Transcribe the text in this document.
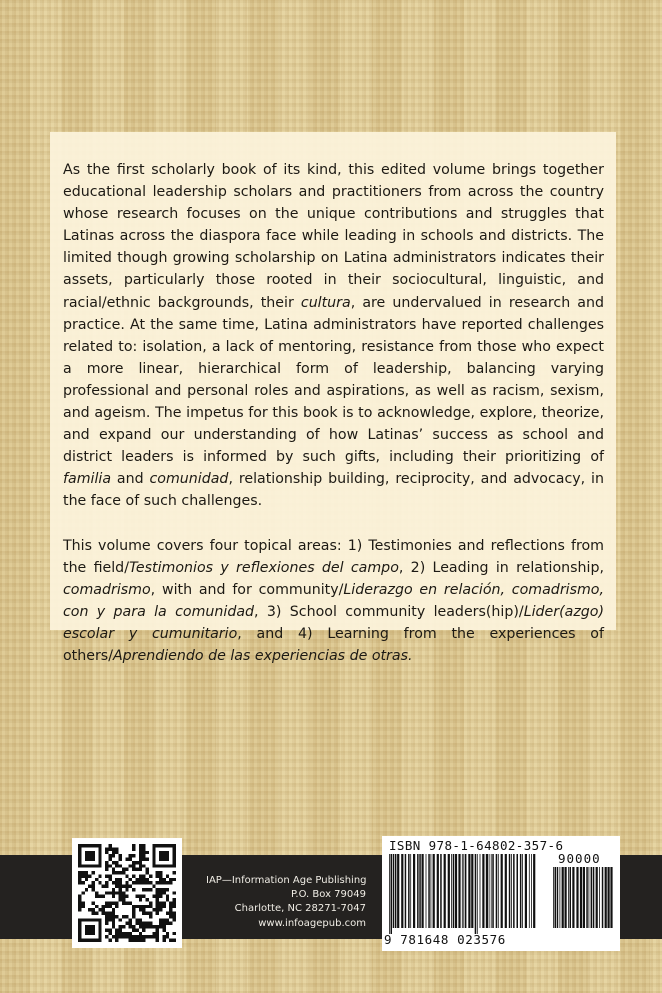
As the first scholarly book of its kind, this edited volume brings together educational leadership scholars and practitioners from across the country whose research focuses on the unique contributions and struggles that Latinas across the diaspora face while leading in schools and districts. The limited though growing scholarship on Latina administrators indicates their assets, particularly those rooted in their sociocultural, linguistic, and racial/ethnic backgrounds, their cultura, are undervalued in research and practice. At the same time, Latina administrators have reported challenges related to: isolation, a lack of mentoring, resistance from those who expect a more linear, hierarchical form of leadership, balancing varying professional and personal roles and aspirations, as well as racism, sexism, and ageism. The impetus for this book is to acknowledge, explore, theorize, and expand our understanding of how Latinas’ success as school and district leaders is informed by such gifts, including their prioritizing of familia and comunidad, relationship building, reciprocity, and advocacy, in the face of such challenges.

This volume covers four topical areas: 1) Testimonies and reflections from the field/Testimonios y reflexiones del campo, 2) Leading in relationship, comadrismo, with and for community/Liderazgo en relación, comadrismo, con y para la comunidad, 3) School community leaders(hip)/Lider(azgo) escolar y cumunitario, and 4) Learning from the experiences of others/Aprendiendo de las experiencias de otras.

IAP—Information Age Publishing
P.O. Box 79049
Charlotte, NC 28271-7047
www.infoagepub.com
ISBN 978-1-64802-357-6
90000
9 781648 023576
